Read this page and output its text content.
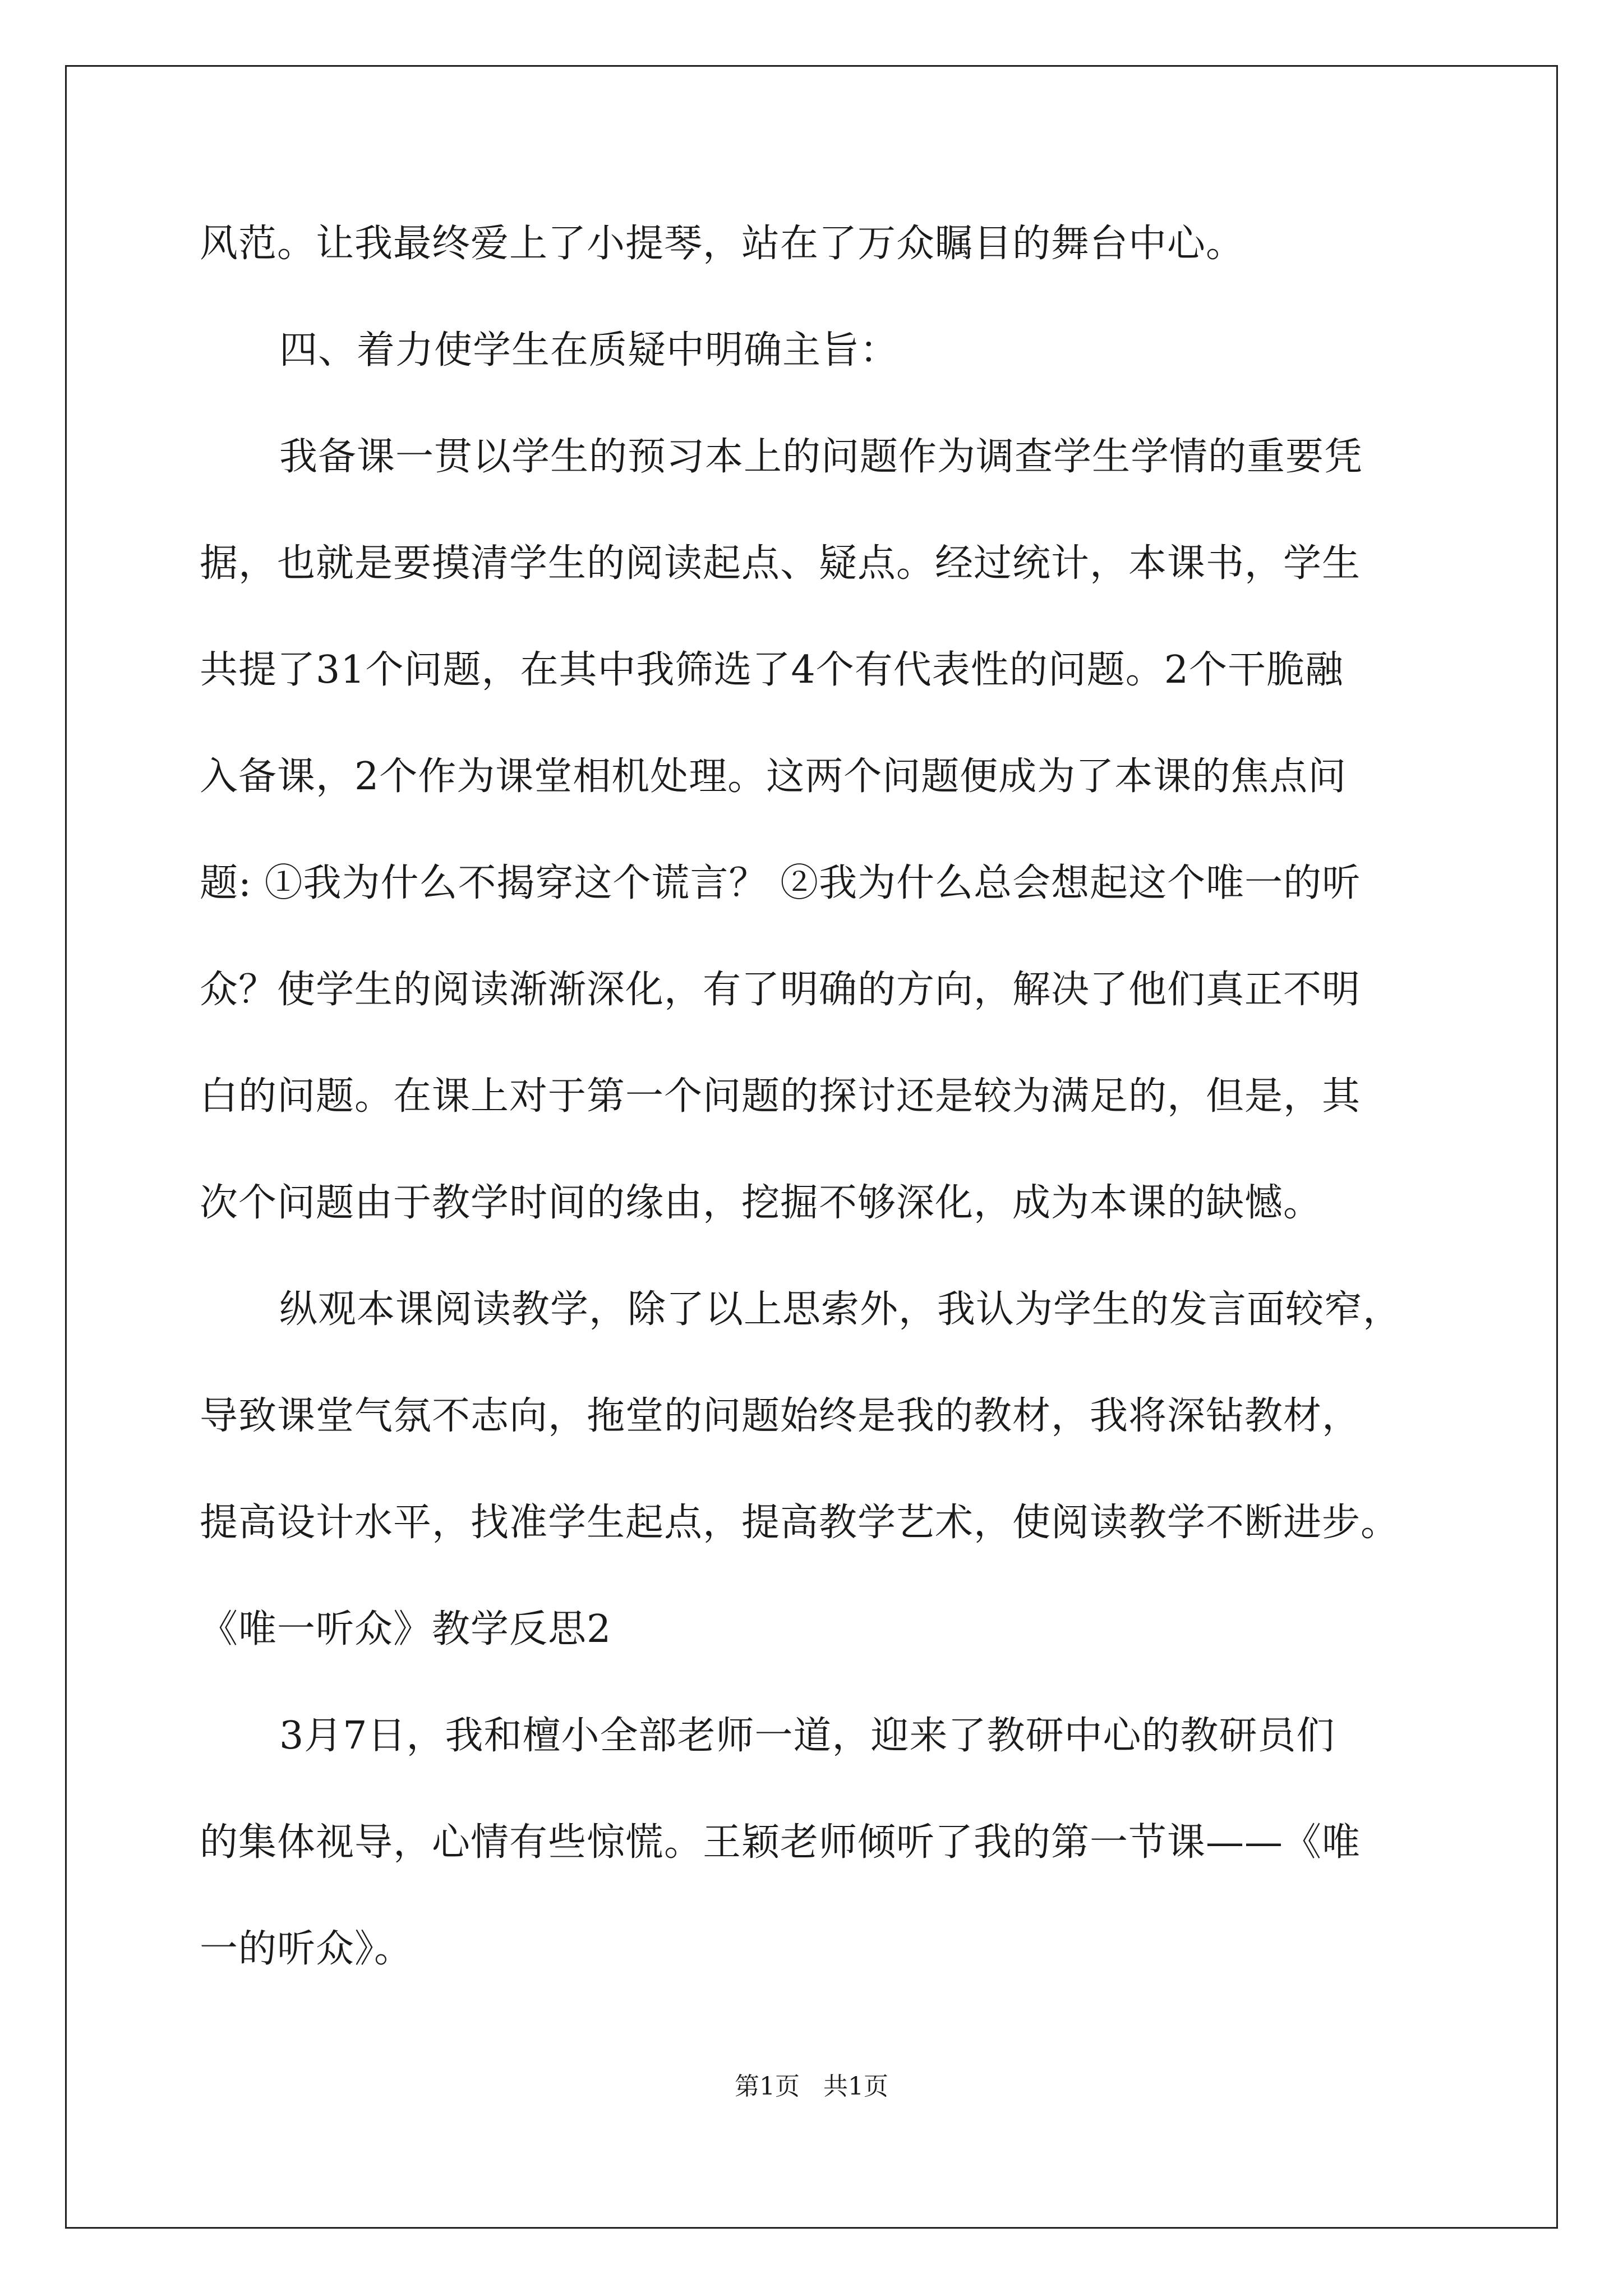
风范。让我最终爱上了小提琴，站在了万众瞩目的舞台中心。
四、着力使学生在质疑中明确主旨：
我备课一贯以学生的预习本上的问题作为调查学生学情的重要凭
据，也就是要摸清学生的阅读起点、疑点。经过统计，本课书，学生
共提了31个问题，在其中我筛选了4个有代表性的问题。2个干脆融
入备课，2个作为课堂相机处理。这两个问题便成为了本课的焦点问
题: ①我为什么不揭穿这个谎言？ ②我为什么总会想起这个唯一的听
众？使学生的阅读渐渐深化，有了明确的方向，解决了他们真正不明
白的问题。在课上对于第一个问题的探讨还是较为满足的，但是，其
次个问题由于教学时间的缘由，挖掘不够深化，成为本课的缺憾。
纵观本课阅读教学，除了以上思索外，我认为学生的发言面较窄，
导致课堂气氛不志向，拖堂的问题始终是我的教材，我将深钻教材，
提高设计水平，找准学生起点，提高教学艺术，使阅读教学不断进步。
《唯一听众》教学反思2
3月7日，我和檀小全部老师一道，迎来了教研中心的教研员们
的集体视导，心情有些惊慌。王颖老师倾听了我的第一节课——《唯
一的听众》。
第1页   共1页
